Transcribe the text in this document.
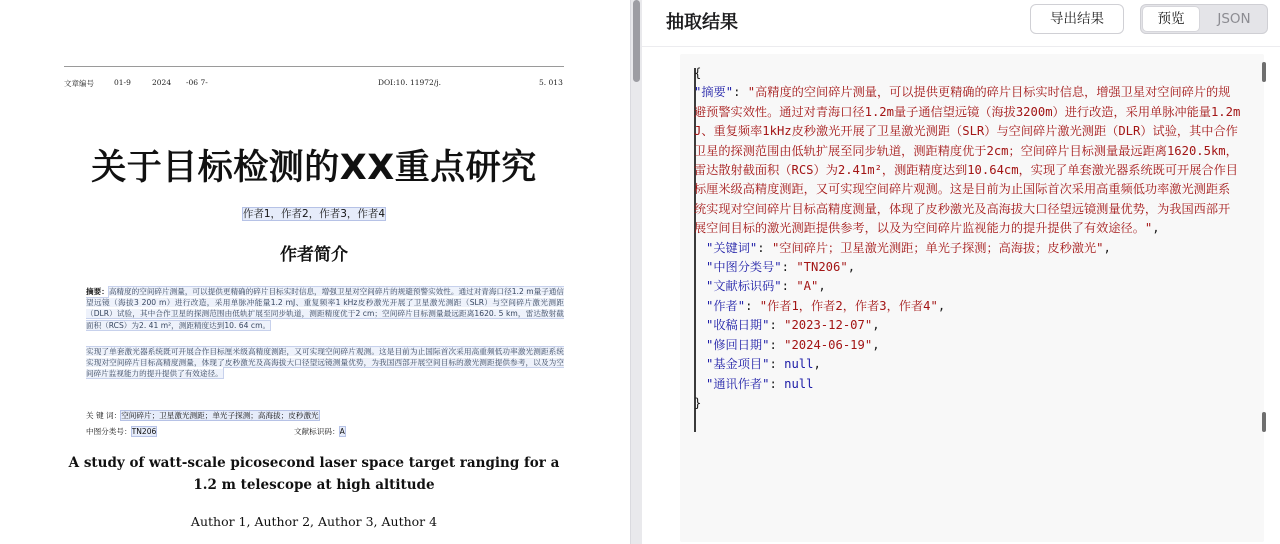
文章编号	01-9	2024 -06 7-	DOI:10. 11972/j.	5. 013
关于目标检测的XX重点研究
作者1，作者2，作者3，作者4
作者简介
摘要：高精度的空间碎片测量，可以提供更精确的碎片目标实时信息，增强卫星对空间碎片的规避预警实效性。通过对青海口径1.2 m量子通信望远镜（海拔3 200 m）进行改造，采用单脉冲能量1.2 mJ、重复频率1 kHz皮秒激光开展了卫星激光测距（SLR）与空间碎片激光测距（DLR）试验，其中合作卫星的探测范围由低轨扩展至同步轨道，测距精度优于2 cm；空间碎片目标测量最远距离1620. 5 km，雷达散射截面积（RCS）为2. 41 m²，测距精度达到10. 64 cm。
实现了单套激光器系统既可开展合作目标厘米级高精度测距，又可实现空间碎片观测。这是目前为止国际首次采用高重频低功率激光测距系统实现对空间碎片目标高精度测量，体现了皮秒激光及高海拔大口径望远镜测量优势，为我国西部开展空间目标的激光测距提供参考，以及为空间碎片监视能力的提升提供了有效途径。
关 键 词：空间碎片；卫星激光测距；单光子探测；高海拔；皮秒激光
中图分类号：TN206	文献标识码：A
A study of watt-scale picosecond laser space target ranging for a 1.2 m telescope at high altitude
Author 1, Author 2, Author 3, Author 4
抽取结果	导出结果	预览	JSON
{
"摘要": "高精度的空间碎片测量，可以提供更精确的碎片目标实时信息，增强卫星对空间碎片的规避预警实效性。通过对青海口径1.2m量子通信望远镜（海拔3200m）进行改造，采用单脉冲能量1.2mJ、重复频率1kHz皮秒激光开展了卫星激光测距（SLR）与空间碎片激光测距（DLR）试验，其中合作卫星的探测范围由低轨扩展至同步轨道，测距精度优于2cm；空间碎片目标测量最远距离1620.5km，雷达散射截面积（RCS）为2.41m²，测距精度达到10.64cm，实现了单套激光器系统既可开展合作目标厘米级高精度测距，又可实现空间碎片观测。这是目前为止国际首次采用高重频低功率激光测距系统实现对空间碎片目标高精度测量，体现了皮秒激光及高海拔大口径望远镜测量优势，为我国西部开展空间目标的激光测距提供参考，以及为空间碎片监视能力的提升提供了有效途径。",
"关键词": "空间碎片；卫星激光测距；单光子探测；高海拔；皮秒激光",
"中图分类号": "TN206",
"文献标识码": "A",
"作者": "作者1，作者2，作者3，作者4",
"收稿日期": "2023-12-07",
"修回日期": "2024-06-19",
"基金项目": null,
"通讯作者": null
}
